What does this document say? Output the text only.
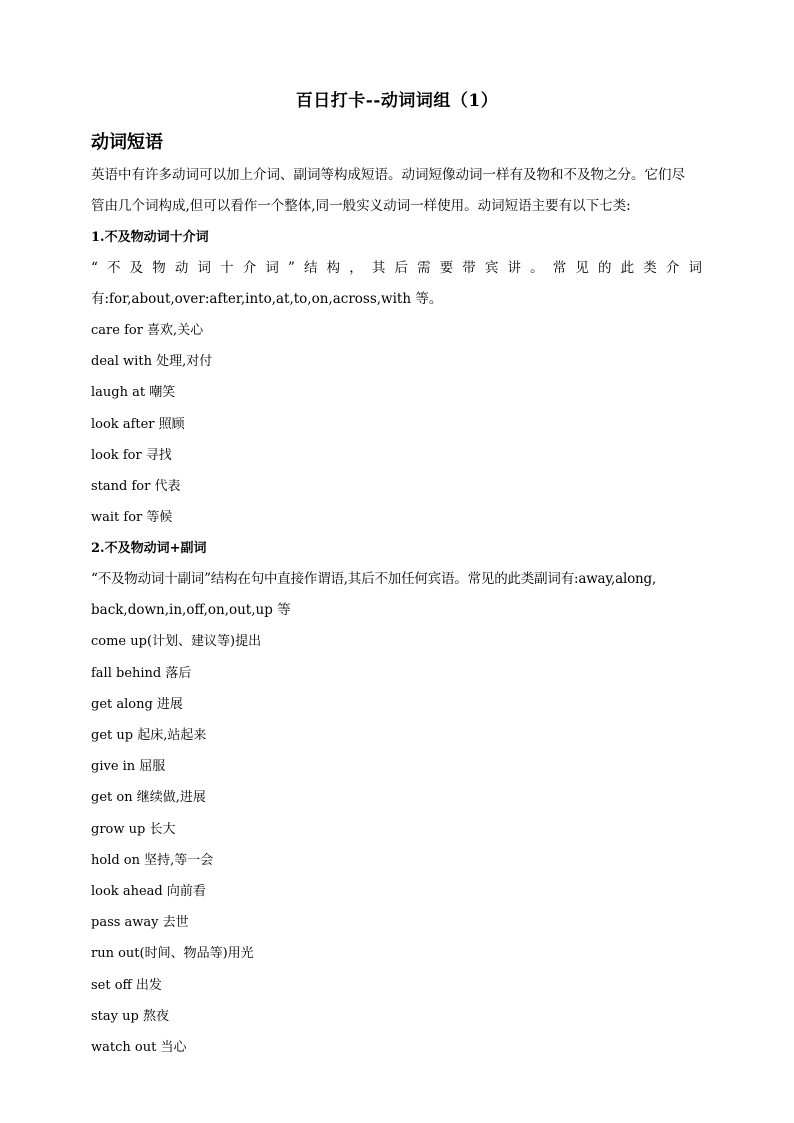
百日打卡--动词词组（1）
动词短语

英语中有许多动词可以加上介词、副词等构成短语。动词短像动词一样有及物和不及物之分。它们尽

管由几个词构成,但可以看作一个整体,同一般实义动词一样使用。动词短语主要有以下七类:

1.不及物动词十介词

“不及物动词十介词”结构，其后需要带宾讲。常见的此类介词

有:for,about,over:after,into,at,to,on,across,with 等。

care for 喜欢,关心

deal with 处理,对付

laugh at 嘲笑

look after 照顾

look for 寻找

stand for 代表

wait for 等候

2.不及物动词+副词

“不及物动词十副词”结构在句中直接作谓语,其后不加任何宾语。常见的此类副词有:away,along,

back,down,in,off,on,out,up 等

come up(计划、建议等)提出

fall behind 落后

get along 进展

get up 起床,站起来

give in 屈服

get on 继续做,进展

grow up 长大

hold on 坚持,等一会

look ahead 向前看

pass away 去世

run out(时间、物品等)用光

set off 出发

stay up 熬夜

watch out 当心
